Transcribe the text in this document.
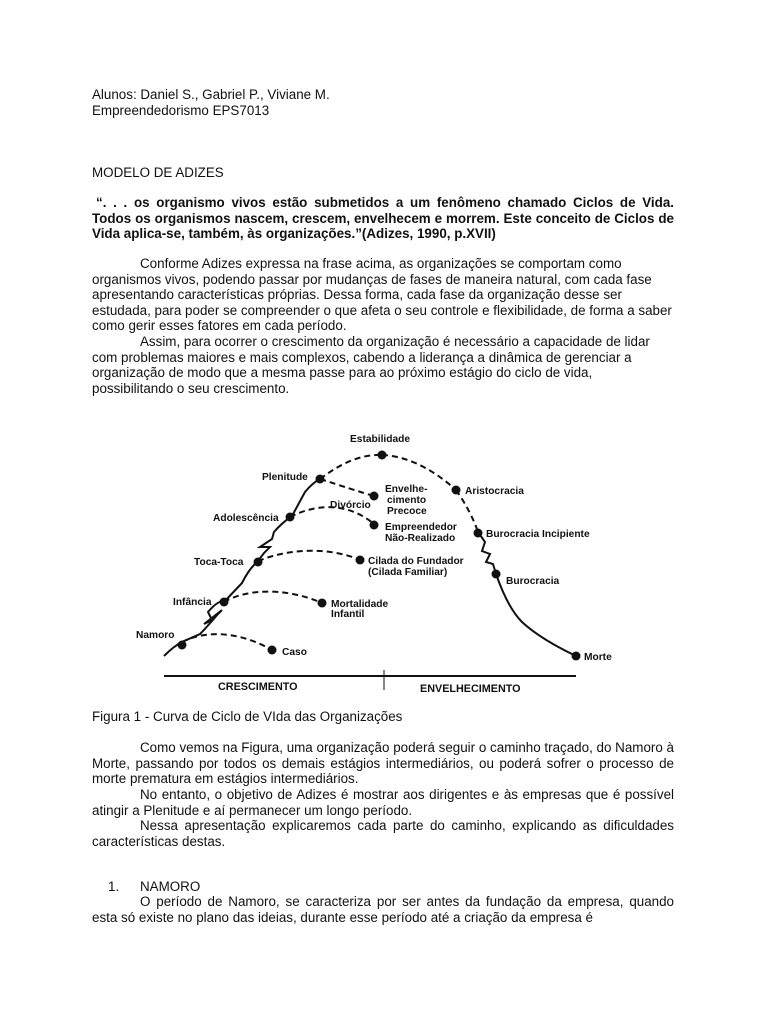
Alunos: Daniel S., Gabriel P., Viviane M.
Empreendedorismo EPS7013
MODELO DE ADIZES

“. . . os organismo vivos estão submetidos a um fenômeno chamado Ciclos de Vida. Todos os organismos nascem, crescem, envelhecem e morrem. Este conceito de Ciclos de Vida aplica-se, também, às organizações.”(Adizes, 1990, p.XVII)

Conforme Adizes expressa na frase acima, as organizações se comportam como organismos vivos, podendo passar por mudanças de fases de maneira natural, com cada fase apresentando características próprias. Dessa forma, cada fase da organização desse ser estudada, para poder se compreender o que afeta o seu controle e flexibilidade, de forma a saber como gerir esses fatores em cada período.

Assim, para ocorrer o crescimento da organização é necessário a capacidade de lidar com problemas maiores e mais complexos, cabendo a liderança a dinâmica de gerenciar a organização de modo que a mesma passe para ao próximo estágio do ciclo de vida, possibilitando o seu crescimento.

Figura 1 - Curva de Ciclo de VIda das Organizações

Como vemos na Figura, uma organização poderá seguir o caminho traçado, do Namoro à Morte, passando por todos os demais estágios intermediários, ou poderá sofrer o processo de morte prematura em estágios intermediários.

No entanto, o objetivo de Adizes é mostrar aos dirigentes e às empresas que é possível atingir a Plenitude e aí permanecer um longo período.

Nessa apresentação explicaremos cada parte do caminho, explicando as dificuldades características destas.

1. NAMORO

O período de Namoro, se caracteriza por ser antes da fundação da empresa, quando esta só existe no plano das ideias, durante esse período até a criação da empresa é

Estabilidade
Plenitude
Aristocracia
Envelhe-
cimento
Precoce
Divórcio
Adolescência
Empreendedor
Não-Realizado	Burocracia Incipiente
Toca-Toca	Cilada do Fundador
(Cilada Familiar)
Burocracia
Infância	Mortalidade
Infantil
Namoro
Caso	Morte
CRESCIMENTO	ENVELHECIMENTO
